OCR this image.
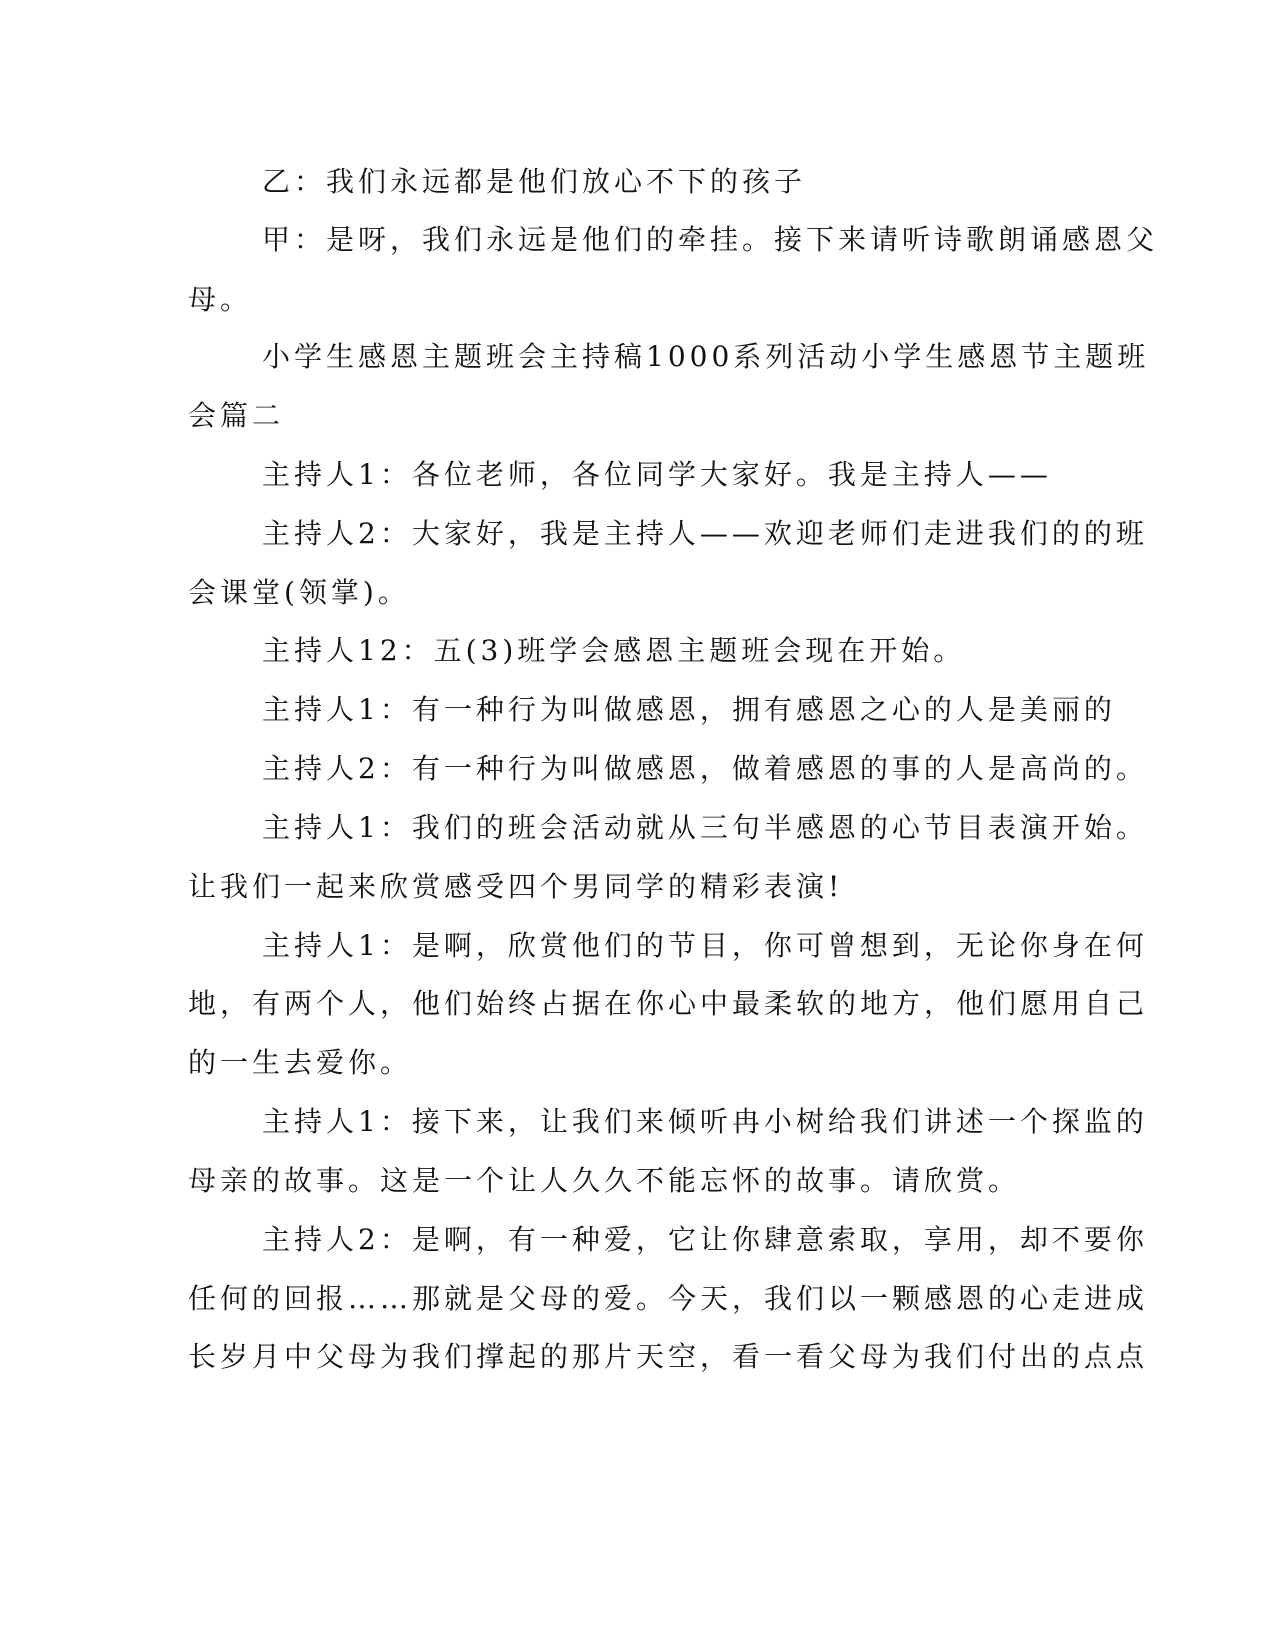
乙：我们永远都是他们放心不下的孩子

甲：是呀，我们永远是他们的牵挂。接下来请听诗歌朗诵感恩父

母。

小学生感恩主题班会主持稿1000系列活动小学生感恩节主题班

会篇二

主持人1：各位老师，各位同学大家好。我是主持人——

主持人2：大家好，我是主持人——欢迎老师们走进我们的的班

会课堂(领掌)。

主持人12：五(3)班学会感恩主题班会现在开始。

主持人1：有一种行为叫做感恩，拥有感恩之心的人是美丽的

主持人2：有一种行为叫做感恩，做着感恩的事的人是高尚的。

主持人1：我们的班会活动就从三句半感恩的心节目表演开始。

让我们一起来欣赏感受四个男同学的精彩表演!

主持人1：是啊，欣赏他们的节目，你可曾想到，无论你身在何

地，有两个人，他们始终占据在你心中最柔软的地方，他们愿用自己

的一生去爱你。

主持人1：接下来，让我们来倾听冉小树给我们讲述一个探监的

母亲的故事。这是一个让人久久不能忘怀的故事。请欣赏。

主持人2：是啊，有一种爱，它让你肆意索取，享用，却不要你

任何的回报……那就是父母的爱。今天，我们以一颗感恩的心走进成

长岁月中父母为我们撑起的那片天空，看一看父母为我们付出的点点
